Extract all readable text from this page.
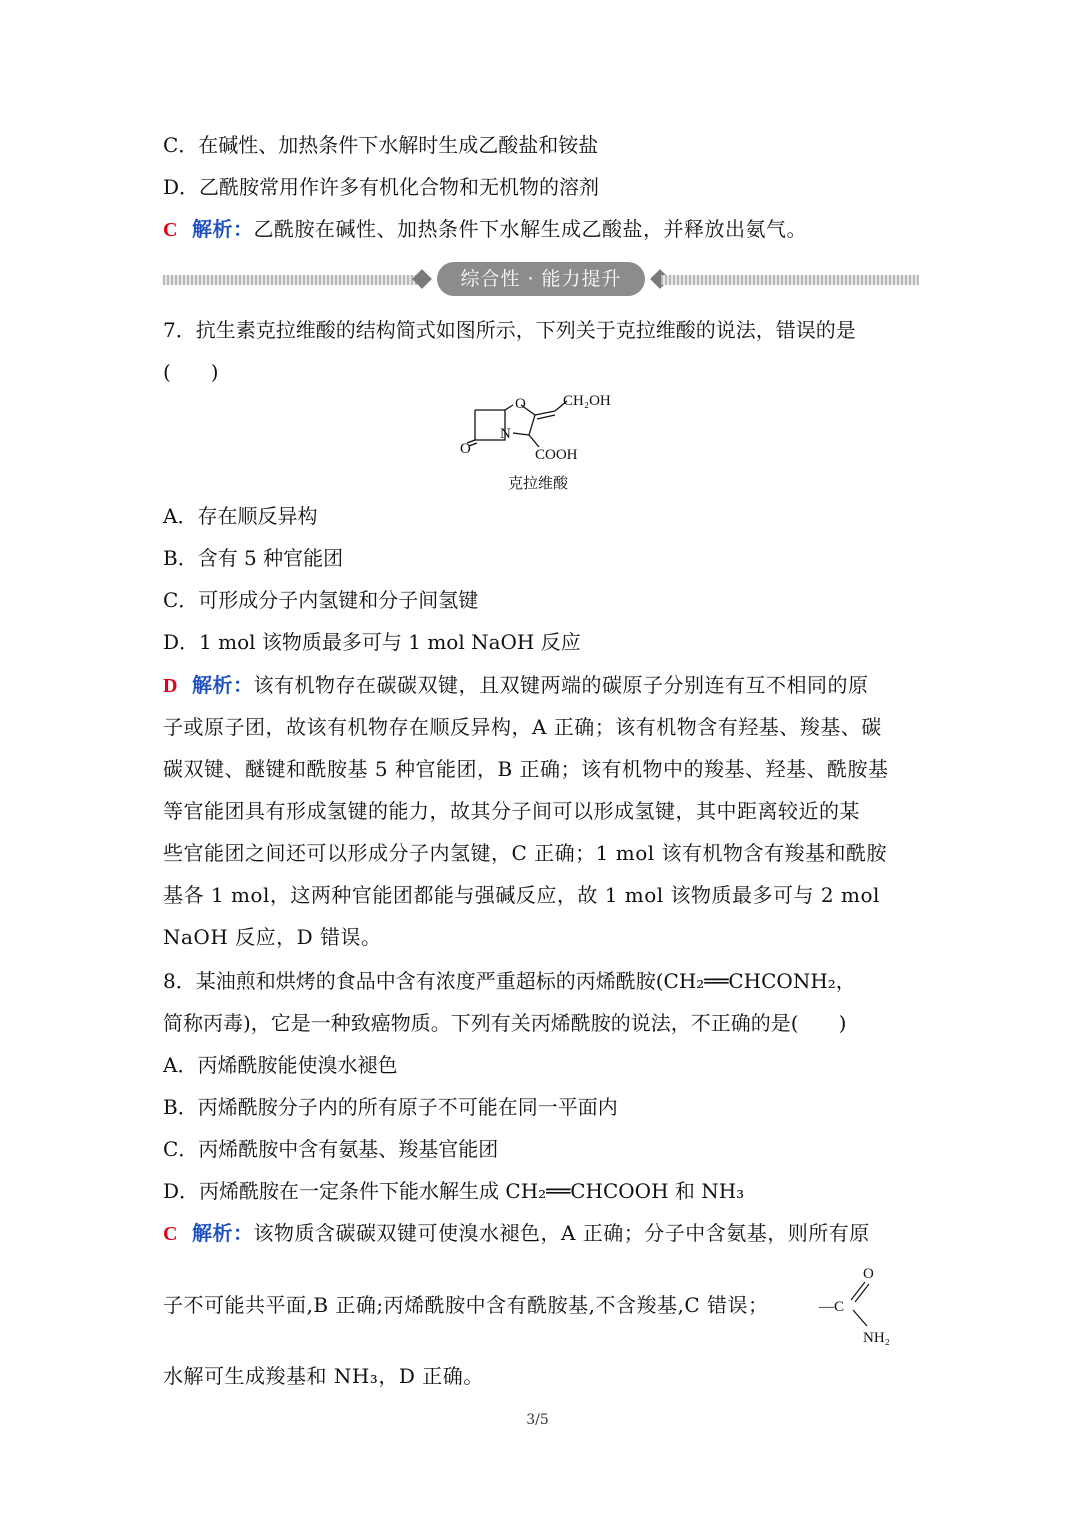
C．在碱性、加热条件下水解时生成乙酸盐和铵盐
D．乙酰胺常用作许多有机化合物和无机物的溶剂
C 解析：乙酰胺在碱性、加热条件下水解生成乙酸盐，并释放出氨气。
综合性 · 能力提升
7．抗生素克拉维酸的结构简式如图所示，下列关于克拉维酸的说法，错误的是
(　　)
O
N
O
CH₂OH
COOH
克拉维酸
A．存在顺反异构
B．含有 5 种官能团
C．可形成分子内氢键和分子间氢键
D．1 mol 该物质最多可与 1 mol NaOH 反应
D 解析：该有机物存在碳碳双键，且双键两端的碳原子分别连有互不相同的原
子或原子团，故该有机物存在顺反异构，A 正确；该有机物含有羟基、羧基、碳
碳双键、醚键和酰胺基 5 种官能团，B 正确；该有机物中的羧基、羟基、酰胺基
等官能团具有形成氢键的能力，故其分子间可以形成氢键，其中距离较近的某
些官能团之间还可以形成分子内氢键，C 正确；1 mol 该有机物含有羧基和酰胺
基各 1 mol，这两种官能团都能与强碱反应，故 1 mol 该物质最多可与 2 mol
NaOH 反应，D 错误。
8．某油煎和烘烤的食品中含有浓度严重超标的丙烯酰胺(CH₂══CHCONH₂，
简称丙毒)，它是一种致癌物质。下列有关丙烯酰胺的说法，不正确的是(　　)
A．丙烯酰胺能使溴水褪色
B．丙烯酰胺分子内的所有原子不可能在同一平面内
C．丙烯酰胺中含有氨基、羧基官能团
D．丙烯酰胺在一定条件下能水解生成 CH₂══CHCOOH 和 NH₃
C 解析：该物质含碳碳双键可使溴水褪色，A 正确；分子中含氨基，则所有原
子不可能共平面,B 正确;丙烯酰胺中含有酰胺基,不含羧基,C 错误；
O
—C
NH₂
水解可生成羧基和 NH₃，D 正确。
3/5
